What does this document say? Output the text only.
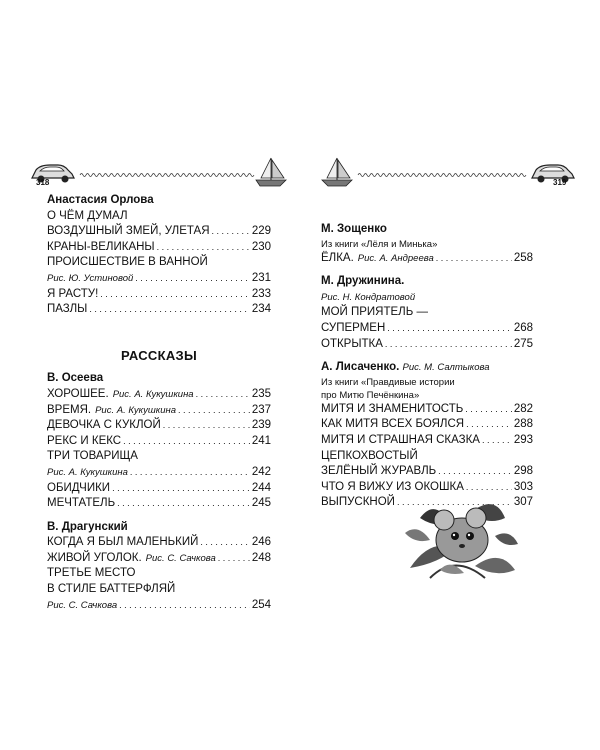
318
Анастасия Орлова
О ЧЁМ ДУМАЛ
ВОЗДУШНЫЙ ЗМЕЙ, УЛЕТАЯ . . .	229
КРАНЫ-ВЕЛИКАНЫ . . .	230
ПРОИСШЕСТВИЕ В ВАННОЙ
Рис. Ю. Устиновой . . .	231
Я РАСТУ! . . .	233
ПАЗЛЫ . . .	234
РАССКАЗЫ
В. Осеева
ХОРОШЕЕ. Рис. А. Кукушкина . . .	235
ВРЕМЯ. Рис. А. Кукушкина . . .	237
ДЕВОЧКА С КУКЛОЙ . . .	239
РЕКС И КЕКС . . .	241
ТРИ ТОВАРИЩА
Рис. А. Кукушкина . . .	242
ОБИДЧИКИ . . .	244
МЕЧТАТЕЛЬ . . .	245
В. Драгунский
КОГДА Я БЫЛ МАЛЕНЬКИЙ . . .	246
ЖИВОЙ УГОЛОК. Рис. С. Сачкова . . .	248
ТРЕТЬЕ МЕСТО
В СТИЛЕ БАТТЕРФЛЯЙ
Рис. С. Сачкова . . .	254
319
М. Зощенко
Из книги «Лёля и Минька»
ЁЛКА. Рис. А. Андреева . . .	258
М. Дружинина.
Рис. Н. Кондратовой
МОЙ ПРИЯТЕЛЬ —
СУПЕРМЕН . . .	268
ОТКРЫТКА . . .	275
А. Лисаченко. Рис. М. Салтыкова
Из книги «Правдивые истории
про Митю Печёнкина»
МИТЯ И ЗНАМЕНИТОСТЬ . . .	282
КАК МИТЯ ВСЕХ БОЯЛСЯ . . .	288
МИТЯ И СТРАШНАЯ СКАЗКА . . .	293
ЦЕПКОХВОСТЫЙ
ЗЕЛЁНЫЙ ЖУРАВЛЬ . . .	298
ЧТО Я ВИЖУ ИЗ ОКОШКА . . .	303
ВЫПУСКНОЙ . . .	307
